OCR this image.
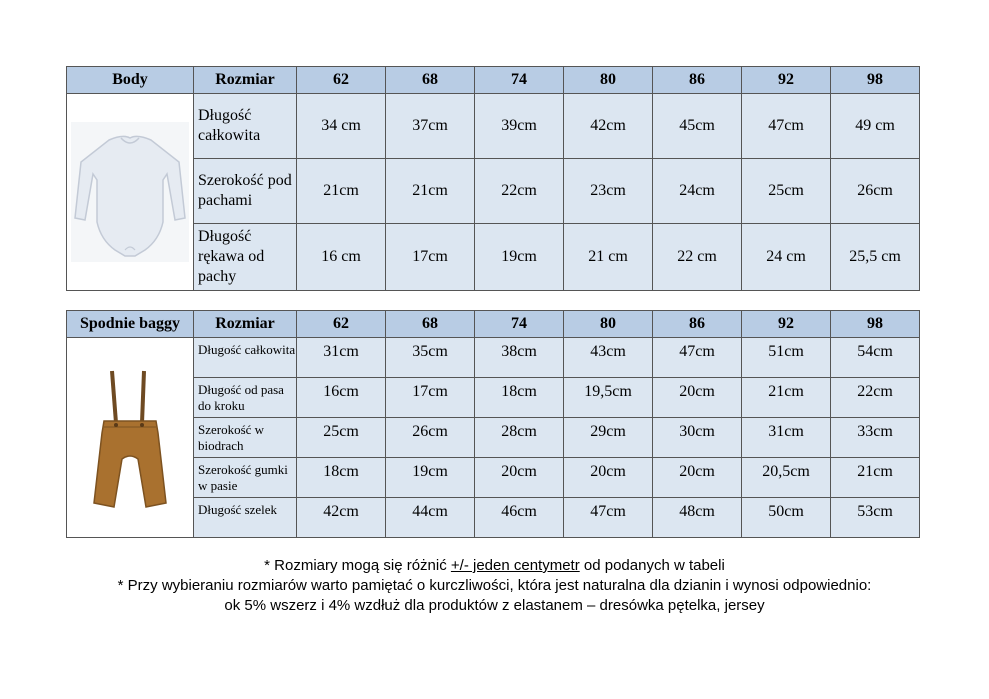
Body	Rozmiar	62	68	74	80	86	92	98

	Długość całkowita	34 cm	37cm	39cm	42cm	45cm	47cm	49 cm
	Szerokość pod pachami	21cm	21cm	22cm	23cm	24cm	25cm	26cm
	Długość rękawa od pachy	16 cm	17cm	19cm	21 cm	22 cm	24 cm	25,5 cm
Spodnie baggy	Rozmiar	62	68	74	80	86	92	98

	Długość całkowita	31cm	35cm	38cm	43cm	47cm	51cm	54cm
	Długość od pasa do kroku	16cm	17cm	18cm	19,5cm	20cm	21cm	22cm
	Szerokość w biodrach	25cm	26cm	28cm	29cm	30cm	31cm	33cm
	Szerokość gumki w pasie	18cm	19cm	20cm	20cm	20cm	20,5cm	21cm
	Długość szelek	42cm	44cm	46cm	47cm	48cm	50cm	53cm
* Rozmiary mogą się różnić +/- jeden centymetr od podanych w tabeli
* Przy wybieraniu rozmiarów warto pamiętać o kurczliwości, która jest naturalna dla dzianin i wynosi odpowiednio:
ok 5% wszerz i 4% wzdłuż dla produktów z elastanem – dresówka pętelka, jersey
